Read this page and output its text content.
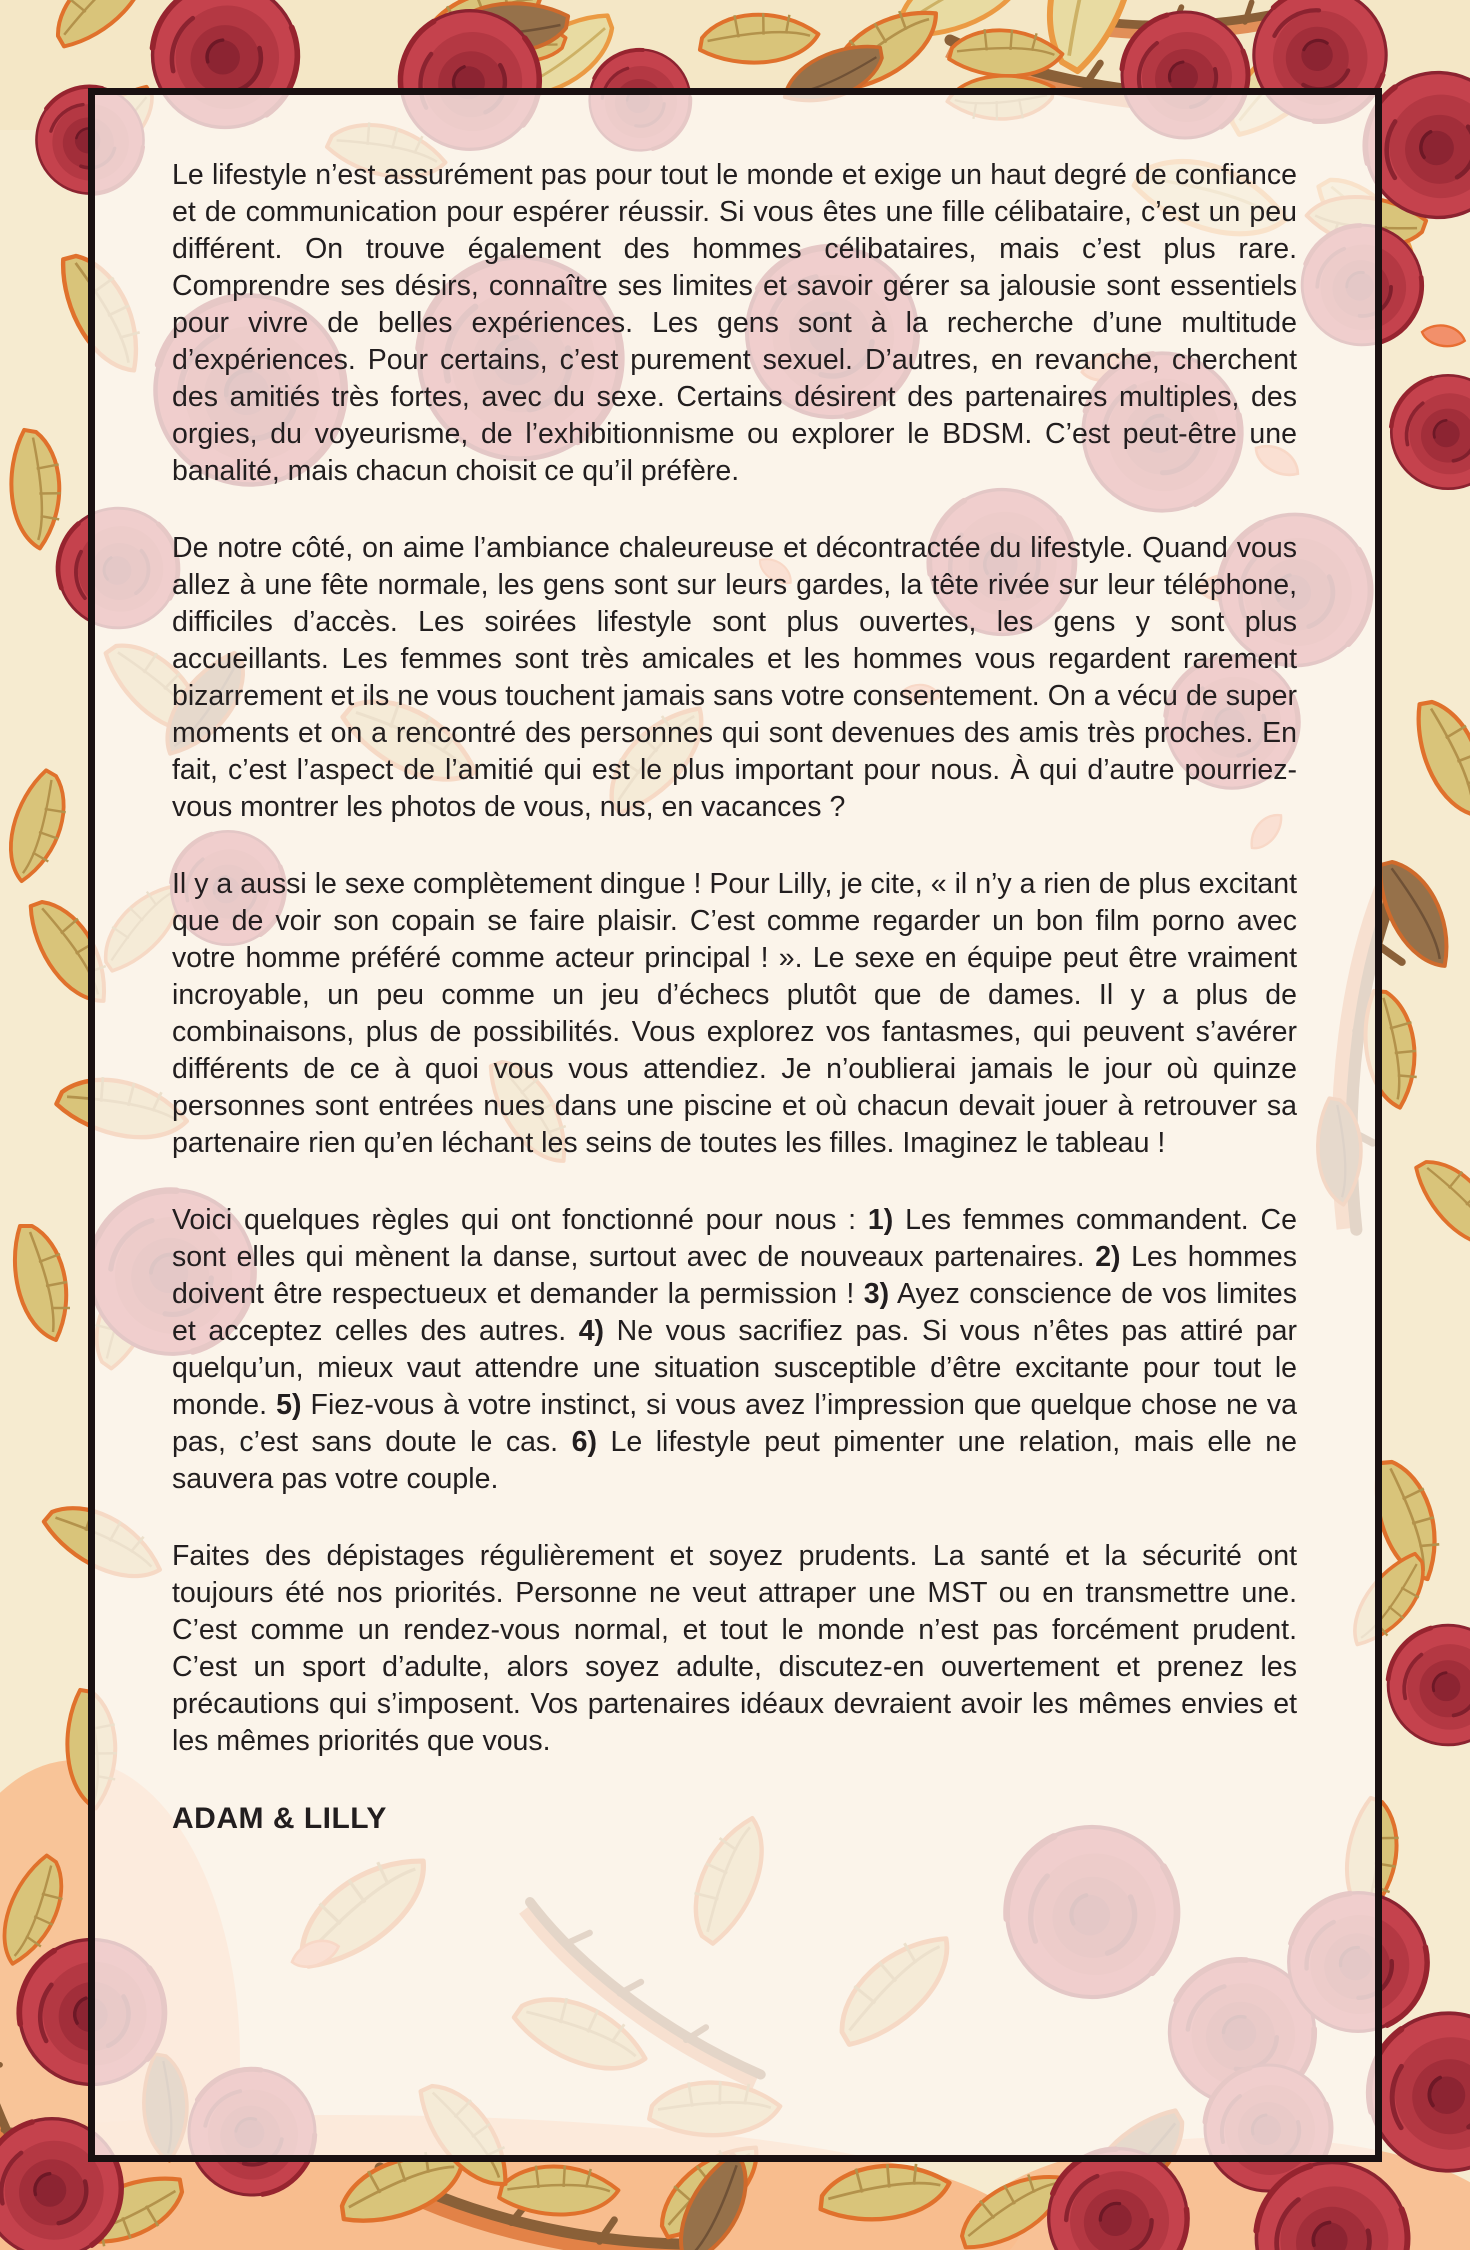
Le lifestyle n’est assurément pas pour tout le monde et exige un haut degré de confiance et de communication pour espérer réussir. Si vous êtes une fille célibataire, c’est un peu différent. On trouve également des hommes célibataires, mais c’est plus rare. Comprendre ses désirs, connaître ses limites et savoir gérer sa jalousie sont essentiels pour vivre de belles expériences. Les gens sont à la recherche d’une multitude d’expériences. Pour certains, c’est purement sexuel. D’autres, en revanche, cherchent des amitiés très fortes, avec du sexe. Certains désirent des partenaires multiples, des orgies, du voyeurisme, de l’exhibitionnisme ou explorer le BDSM. C’est peut-être une banalité, mais chacun choisit ce qu’il préfère.

De notre côté, on aime l’ambiance chaleureuse et décontractée du lifestyle. Quand vous allez à une fête normale, les gens sont sur leurs gardes, la tête rivée sur leur téléphone, difficiles d’accès. Les soirées lifestyle sont plus ouvertes, les gens y sont plus accueillants. Les femmes sont très amicales et les hommes vous regardent rarement bizarrement et ils ne vous touchent jamais sans votre consentement. On a vécu de super moments et on a rencontré des personnes qui sont devenues des amis très proches. En fait, c’est l’aspect de l’amitié qui est le plus important pour nous. À qui d’autre pourriez-vous montrer les photos de vous, nus, en vacances ?

Il y a aussi le sexe complètement dingue ! Pour Lilly, je cite, « il n’y a rien de plus excitant que de voir son copain se faire plaisir. C’est comme regarder un bon film porno avec votre homme préféré comme acteur principal ! ». Le sexe en équipe peut être vraiment incroyable, un peu comme un jeu d’échecs plutôt que de dames. Il y a plus de combinaisons, plus de possibilités. Vous explorez vos fantasmes, qui peuvent s’avérer différents de ce à quoi vous vous attendiez. Je n’oublierai jamais le jour où quinze personnes sont entrées nues dans une piscine et où chacun devait jouer à retrouver sa partenaire rien qu’en léchant les seins de toutes les filles. Imaginez le tableau !

Voici quelques règles qui ont fonctionné pour nous : 1) Les femmes commandent. Ce sont elles qui mènent la danse, surtout avec de nouveaux partenaires. 2) Les hommes doivent être respectueux et demander la permission ! 3) Ayez conscience de vos limites et acceptez celles des autres. 4) Ne vous sacrifiez pas. Si vous n’êtes pas attiré par quelqu’un, mieux vaut attendre une situation susceptible d’être excitante pour tout le monde. 5) Fiez-vous à votre instinct, si vous avez l’impression que quelque chose ne va pas, c’est sans doute le cas. 6) Le lifestyle peut pimenter une relation, mais elle ne sauvera pas votre couple.

Faites des dépistages régulièrement et soyez prudents. La santé et la sécurité ont toujours été nos priorités. Personne ne veut attraper une MST ou en transmettre une. C’est comme un rendez-vous normal, et tout le monde n’est pas forcément prudent. C’est un sport d’adulte, alors soyez adulte, discutez-en ouvertement et prenez les précautions qui s’imposent. Vos partenaires idéaux devraient avoir les mêmes envies et les mêmes priorités que vous.

ADAM & LILLY
